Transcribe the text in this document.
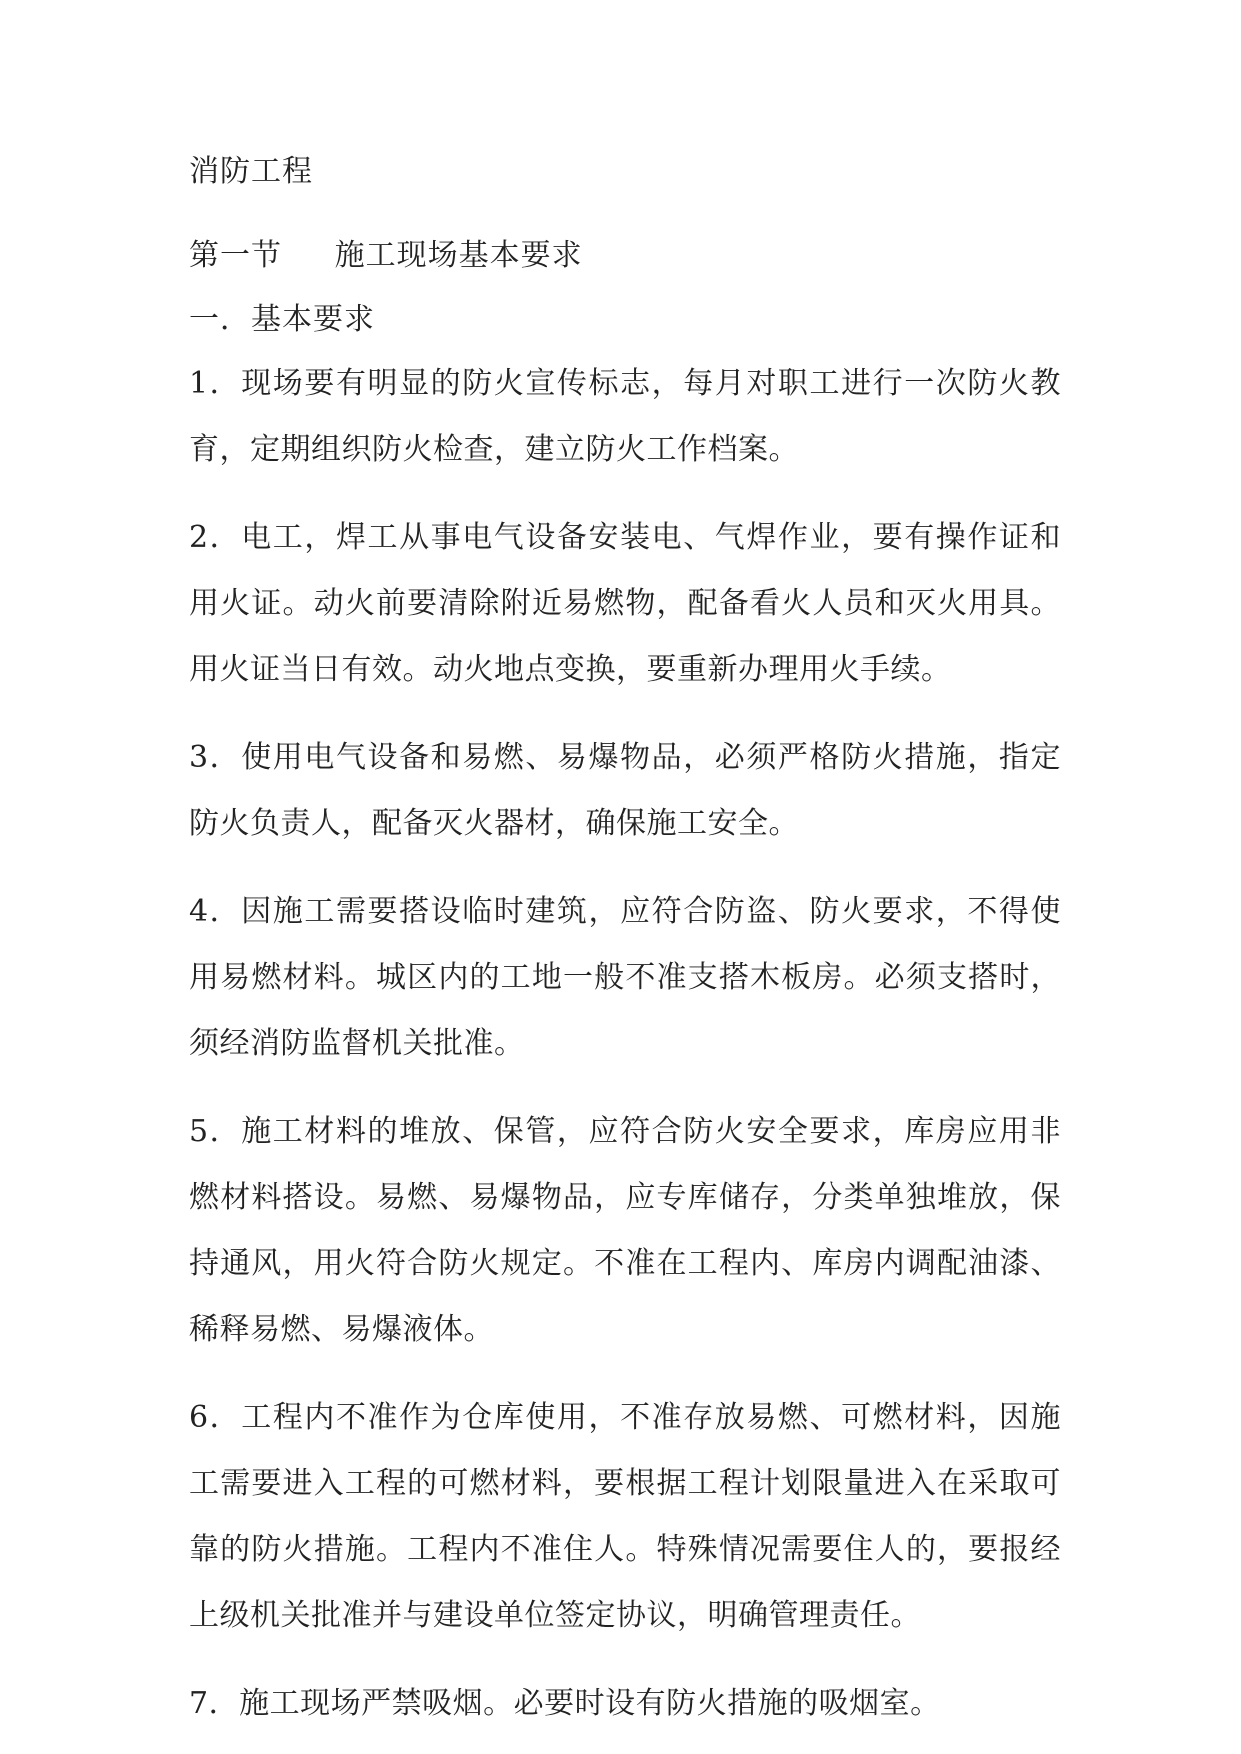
消防工程
第一节     施工现场基本要求
一．基本要求
1．现场要有明显的防火宣传标志，每月对职工进行一次防火教育，定期组织防火检查，建立防火工作档案。
2．电工，焊工从事电气设备安装电、气焊作业，要有操作证和用火证。动火前要清除附近易燃物，配备看火人员和灭火用具。用火证当日有效。动火地点变换，要重新办理用火手续。
3．使用电气设备和易燃、易爆物品，必须严格防火措施，指定防火负责人，配备灭火器材，确保施工安全。
4．因施工需要搭设临时建筑，应符合防盗、防火要求，不得使用易燃材料。城区内的工地一般不准支搭木板房。必须支搭时，须经消防监督机关批准。
5．施工材料的堆放、保管，应符合防火安全要求，库房应用非燃材料搭设。易燃、易爆物品，应专库储存，分类单独堆放，保持通风，用火符合防火规定。不准在工程内、库房内调配油漆、稀释易燃、易爆液体。
6．工程内不准作为仓库使用，不准存放易燃、可燃材料，因施工需要进入工程的可燃材料，要根据工程计划限量进入在采取可靠的防火措施。工程内不准住人。特殊情况需要住人的，要报经上级机关批准并与建设单位签定协议，明确管理责任。
7．施工现场严禁吸烟。必要时设有防火措施的吸烟室。
